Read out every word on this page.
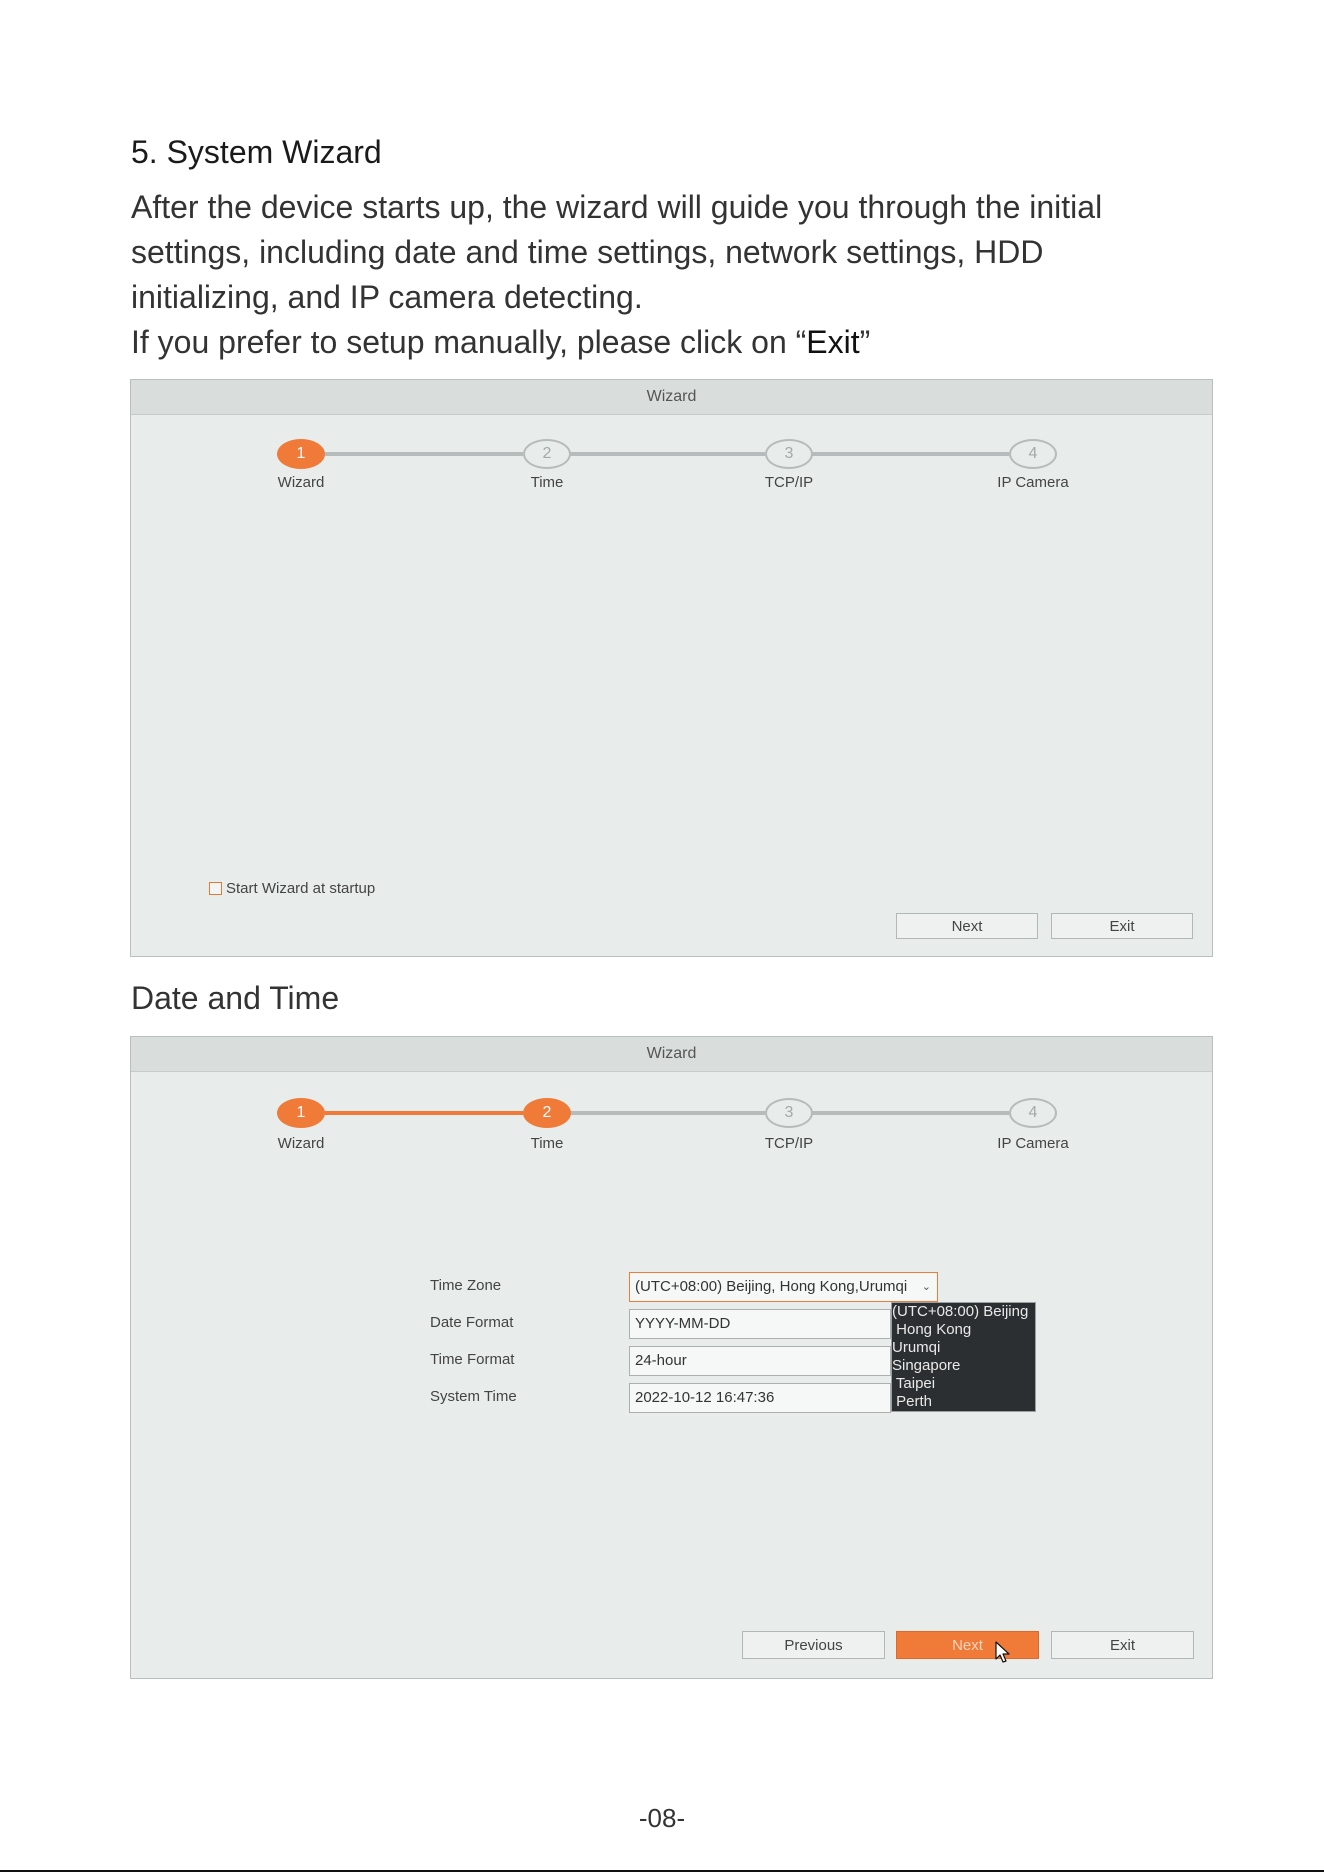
5. System Wizard

After the device starts up, the wizard will guide you through the initial

settings, including date and time settings, network settings, HDD

initializing, and IP camera detecting.

If you prefer to setup manually, please click on “Exit”

Wizard
1	2	3	4
Wizard	Time	TCP/IP	IP Camera
Start Wizard at startup
Next	Exit
Date and Time
Wizard
1	2	3	4
Wizard	Time	TCP/IP	IP Camera
Time Zone	(UTC+08:00) Beijing, Hong Kong,Urumqi ⌄
Date Format	YYYY-MM-DD
Time Format	24-hour
System Time	2022-10-12 16:47:36
(UTC+08:00) Beijing
Hong Kong
Urumqi
Singapore
Taipei
Perth
Previous	Next	Exit
-08-
